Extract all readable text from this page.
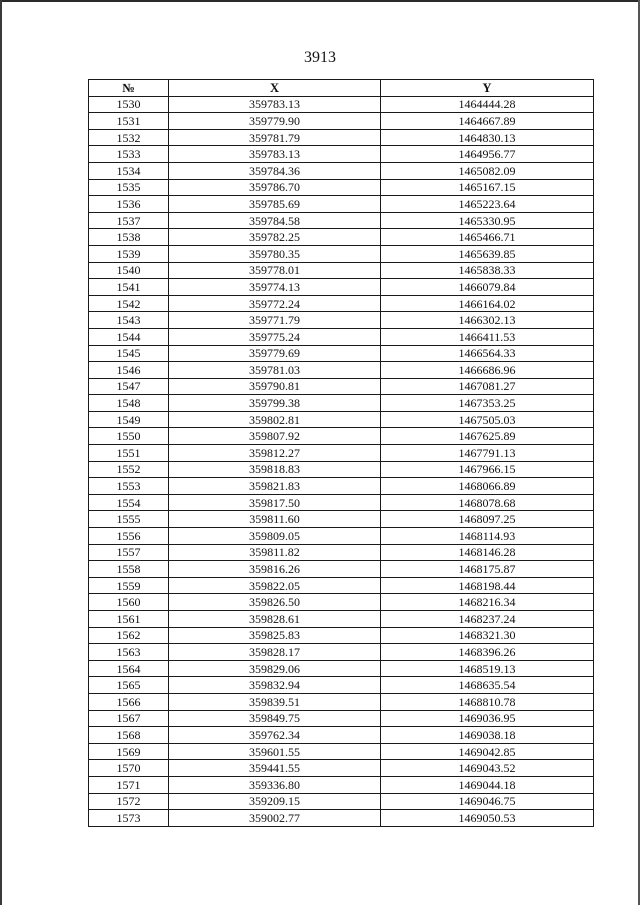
3913
№	X	Y
1530	359783.13	1464444.28
1531	359779.90	1464667.89
1532	359781.79	1464830.13
1533	359783.13	1464956.77
1534	359784.36	1465082.09
1535	359786.70	1465167.15
1536	359785.69	1465223.64
1537	359784.58	1465330.95
1538	359782.25	1465466.71
1539	359780.35	1465639.85
1540	359778.01	1465838.33
1541	359774.13	1466079.84
1542	359772.24	1466164.02
1543	359771.79	1466302.13
1544	359775.24	1466411.53
1545	359779.69	1466564.33
1546	359781.03	1466686.96
1547	359790.81	1467081.27
1548	359799.38	1467353.25
1549	359802.81	1467505.03
1550	359807.92	1467625.89
1551	359812.27	1467791.13
1552	359818.83	1467966.15
1553	359821.83	1468066.89
1554	359817.50	1468078.68
1555	359811.60	1468097.25
1556	359809.05	1468114.93
1557	359811.82	1468146.28
1558	359816.26	1468175.87
1559	359822.05	1468198.44
1560	359826.50	1468216.34
1561	359828.61	1468237.24
1562	359825.83	1468321.30
1563	359828.17	1468396.26
1564	359829.06	1468519.13
1565	359832.94	1468635.54
1566	359839.51	1468810.78
1567	359849.75	1469036.95
1568	359762.34	1469038.18
1569	359601.55	1469042.85
1570	359441.55	1469043.52
1571	359336.80	1469044.18
1572	359209.15	1469046.75
1573	359002.77	1469050.53
